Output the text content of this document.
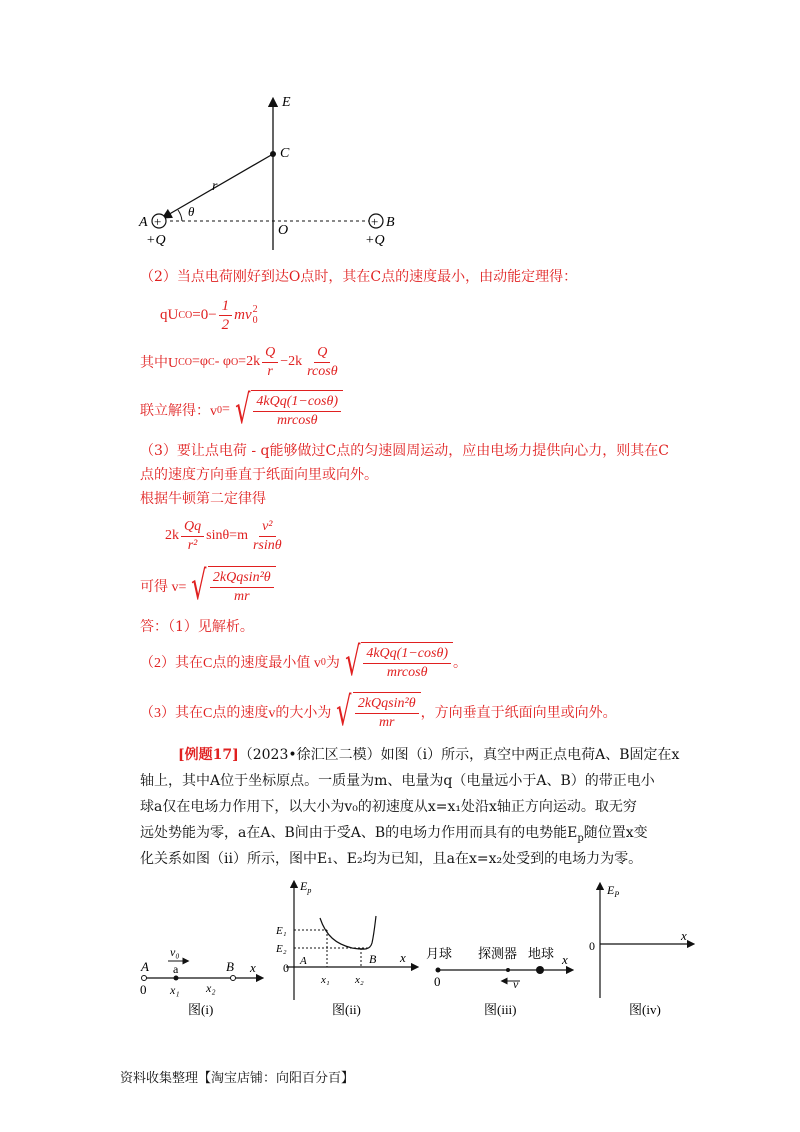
E
C
r
θ
+
A
+Q
+ B
+Q
O
（2）当点电荷刚好到达O点时，其在C点的速度最小，由动能定理得：
qU CO $=0- \frac{1}{2}$ mv 2
0
其中U CO =φ C - φ $O =2k \frac{Q}{r} -2k \frac{Q}{rcos\theta}$
联立解得：v 0 = √ $\frac{\text{4kQq(1−cosθ)}}{mrcos\theta}$
（3）要让点电荷 - q能够做过C点的匀速圆周运动，应由电场力提供向心力，则其在C
点的速度方向垂直于纸面向里或向外。
根据牛顿第二定律得
$2k \frac{Qq}{\text{r²}} \sin\theta=m \frac{\text{v²}}{rsin\theta}$
可得 v= √ $\frac{\text{2kQqsin²θ}}{mr}$
答：（1）见解析。
（2）其在C点的速度最小值 v 0 为 √ $\frac{\text{4kQq(1−cosθ)}}{mrcos\theta}$ 。
（3）其在C点的速度v的大小为 √ $\frac{\text{2kQqsin²θ}}{mr}$ ，方向垂直于纸面向里或向外。
[例题17]（2023•徐汇区二模）如图（i）所示，真空中两正点电荷A、B固定在x
轴上，其中A位于坐标原点。一质量为m、电量为q（电量远小于A、B）的带正电小
球a仅在电场力作用下，以大小为v₀的初速度从x=x₁处沿x轴正方向运动。取无穷
远处势能为零，a在A、B间由于受A、B的电场力作用而具有的电势能$E_p$随位置x变
化关系如图（ii）所示，图中E₁、E₂均为已知，且a在x=x₂处受到的电场力为零。
v₀
a
A	B x
0 x₁ x₂
图(i)
$E_p$
E₁
E₂
0 A	B x
x₁ x₂
图(ii)
月球 探测器 地球 x
v
0
图(iii)
$E_P$
0
x
图(iv)
资料收集整理【淘宝店铺：向阳百分百】
